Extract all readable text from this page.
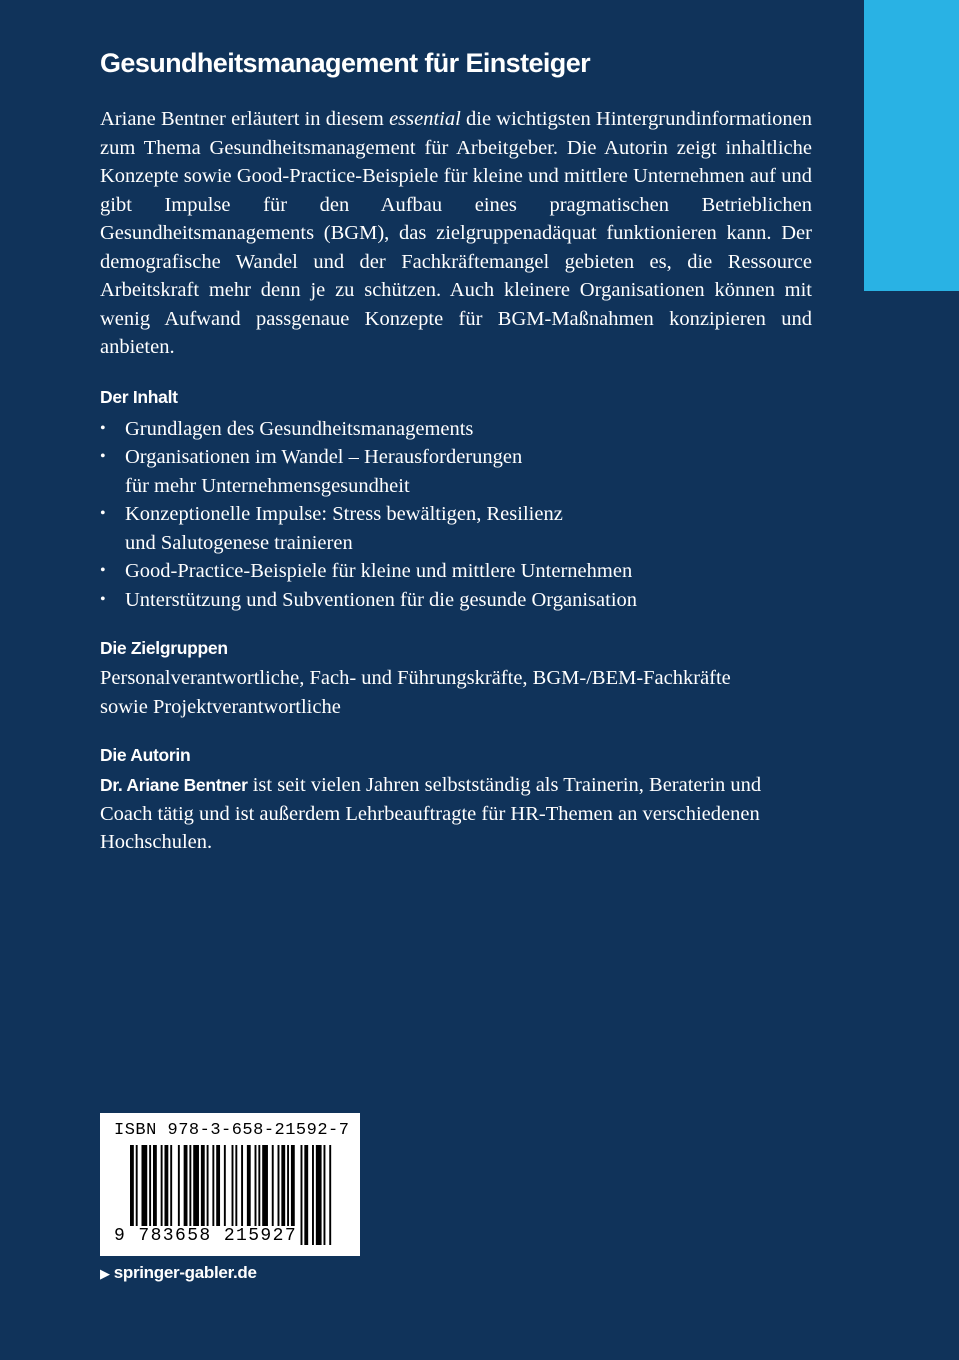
Gesundheitsmanagement für Einsteiger

Ariane Bentner erläutert in diesem essential die wichtigsten Hintergrundinformationen zum Thema Gesundheitsmanagement für Arbeitgeber. Die Autorin zeigt inhaltliche Konzepte sowie Good-Practice-Beispiele für kleine und mittlere Unternehmen auf und gibt Impulse für den Aufbau eines pragmatischen Betrieblichen Gesundheitsmanagements (BGM), das zielgruppenadäquat funktionieren kann. Der demografische Wandel und der Fachkräftemangel gebieten es, die Ressource Arbeitskraft mehr denn je zu schützen. Auch kleinere Organisationen können mit wenig Aufwand passgenaue Konzepte für BGM-Maßnahmen konzipieren und anbieten.

Der Inhalt
• Grundlagen des Gesundheitsmanagements
• Organisationen im Wandel – Herausforderungen
für mehr Unternehmensgesundheit
• Konzeptionelle Impulse: Stress bewältigen, Resilienz
und Salutogenese trainieren
• Good-Practice-Beispiele für kleine und mittlere Unternehmen
• Unterstützung und Subventionen für die gesunde Organisation
Die Zielgruppen

Personalverantwortliche, Fach- und Führungskräfte, BGM-/BEM-Fachkräfte
sowie Projektverantwortliche

Die Autorin

Dr. Ariane Bentner ist seit vielen Jahren selbstständig als Trainerin, Beraterin und Coach tätig und ist außerdem Lehrbeauftragte für HR-Themen an verschiedenen Hochschulen.

ISBN 978-3-658-21592-7
9 783658 215927
▶ springer-gabler.de
